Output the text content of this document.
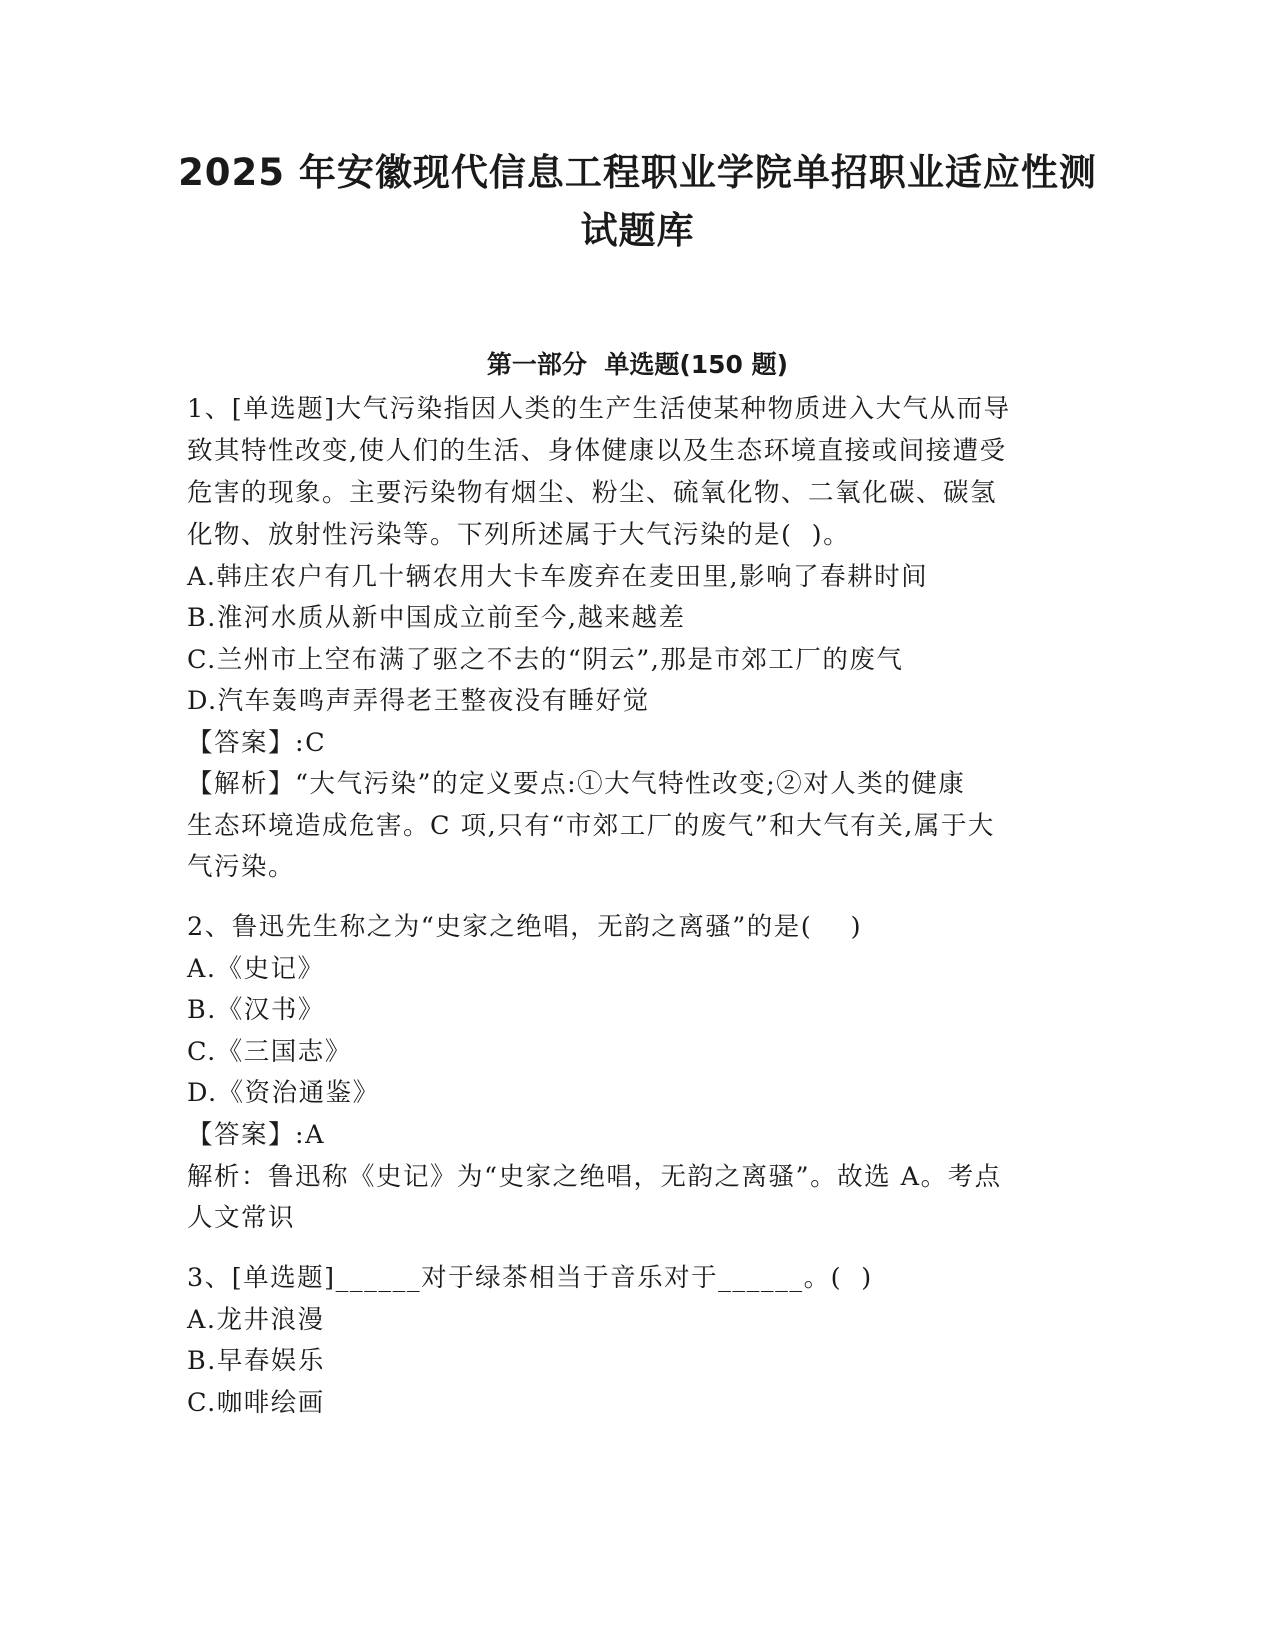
2025 年安徽现代信息工程职业学院单招职业适应性测
试题库
第一部分  单选题(150 题)
1、[单选题]大气污染指因人类的生产生活使某种物质进入大气从而导
致其特性改变,使人们的生活、身体健康以及生态环境直接或间接遭受
危害的现象。主要污染物有烟尘、粉尘、硫氧化物、二氧化碳、碳氢
化物、放射性污染等。下列所述属于大气污染的是(  )。
A.韩庄农户有几十辆农用大卡车废弃在麦田里,影响了春耕时间
B.淮河水质从新中国成立前至今,越来越差
C.兰州市上空布满了驱之不去的“阴云”,那是市郊工厂的废气
D.汽车轰鸣声弄得老王整夜没有睡好觉
【答案】:C
【解析】“大气污染”的定义要点:①大气特性改变;②对人类的健康
生态环境造成危害。C 项,只有“市郊工厂的废气”和大气有关,属于大
气污染。
2、鲁迅先生称之为“史家之绝唱，无韵之离骚”的是(    )
A.《史记》
B.《汉书》
C.《三国志》
D.《资治通鉴》
【答案】:A
解析：鲁迅称《史记》为“史家之绝唱，无韵之离骚”。故选 A。考点
人文常识
3、[单选题]______对于绿茶相当于音乐对于______。(  )
A.龙井浪漫
B.早春娱乐
C.咖啡绘画
